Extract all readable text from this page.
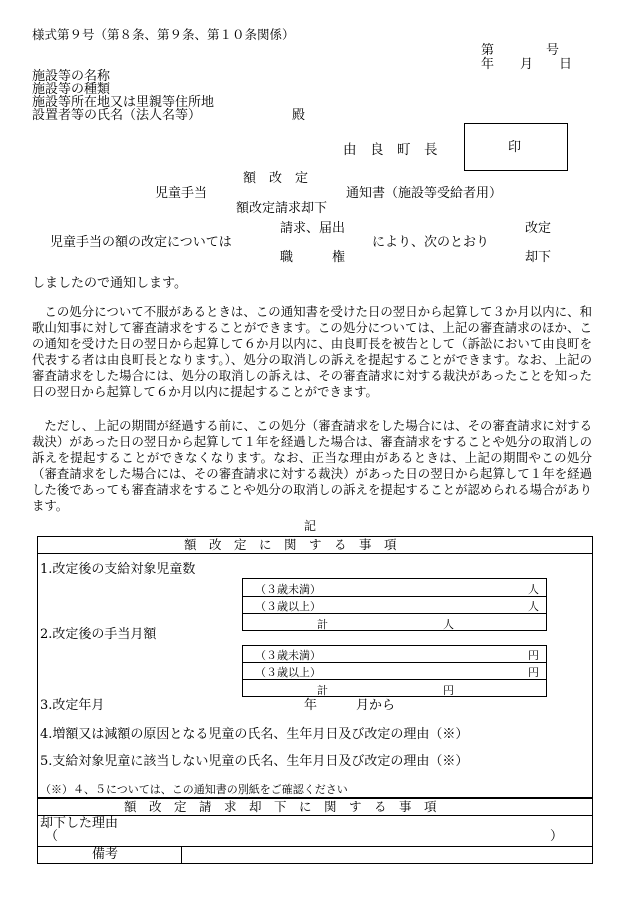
様式第９号（第８条、第９条、第１０条関係）
第　　　　号
年　　月　　日
施設等の名称
施設等の種類
施設等所在地又は里親等住所地
設置者等の氏名（法人名等）	殿
由　良　町　長	印
額　改　定
児童手当	通知書（施設等受給者用）
額改定請求却下
児童手当の額の改定については
請求、届出
職　　　権
により、次のとおり
改定
却下
しましたので通知します。
この処分について不服があるときは、この通知書を受けた日の翌日から起算して３か月以内に、和歌山知事に対して審査請求をすることができます。この処分については、上記の審査請求のほか、この通知を受けた日の翌日から起算して６か月以内に、由良町長を被告として（訴訟において由良町を代表する者は由良町長となります。）、処分の取消しの訴えを提起することができます。なお、上記の審査請求をした場合には、処分の取消しの訴えは、その審査請求に対する裁決があったことを知った日の翌日から起算して６か月以内に提起することができます。
ただし、上記の期間が経過する前に、この処分（審査請求をした場合には、その審査請求に対する裁決）があった日の翌日から起算して１年を経過した場合は、審査請求をすることや処分の取消しの訴えを提起することができなくなります。なお、正当な理由があるときは、上記の期間やこの処分（審査請求をした場合には、その審査請求に対する裁決）があった日の翌日から起算して１年を経過した後であっても審査請求をすることや処分の取消しの訴えを提起することが認められる場合があります。
記
額　改　定　に　関　す　る　事　項
1.改定後の支給対象児童数
（３歳未満）	人
（３歳以上）	人
計	人
2.改定後の手当月額
（３歳未満）	円
（３歳以上）	円
計	円
3.改定年月	年　　　月から
4.増額又は減額の原因となる児童の氏名、生年月日及び改定の理由（※）
5.支給対象児童に該当しない児童の氏名、生年月日及び改定の理由（※）
（※）４、５については、この通知書の別紙をご確認ください
額　改　定　請　求　却　下　に　関　す　る　事　項
却下した理由
（	）
備考
